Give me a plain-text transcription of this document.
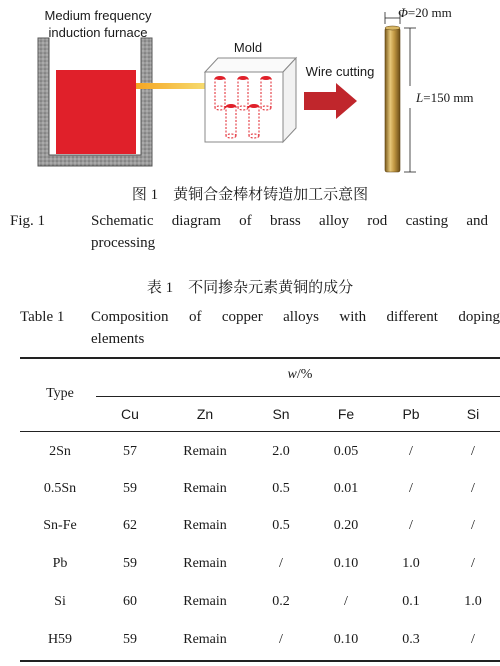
Medium frequency
induction furnace
Mold
Wire cutting
Φ=20 mm
L=150 mm
图 1　黄铜合金棒材铸造加工示意图
Fig. 1	Schematic diagram of brass alloy rod casting and
processing
表 1　不同掺杂元素黄铜的成分
Table 1 Composition of copper alloys with different doping
elements
Type
w/%
Cu	Zn	Sn	Fe	Pb	Si
2Sn	57	Remain	2.0	0.05	/	/
0.5Sn	59	Remain	0.5	0.01	/	/
Sn-Fe	62	Remain	0.5	0.20	/	/
Pb	59	Remain	/	0.10	1.0	/
Si	60	Remain	0.2	/	0.1	1.0
H59	59	Remain	/	0.10	0.3	/
